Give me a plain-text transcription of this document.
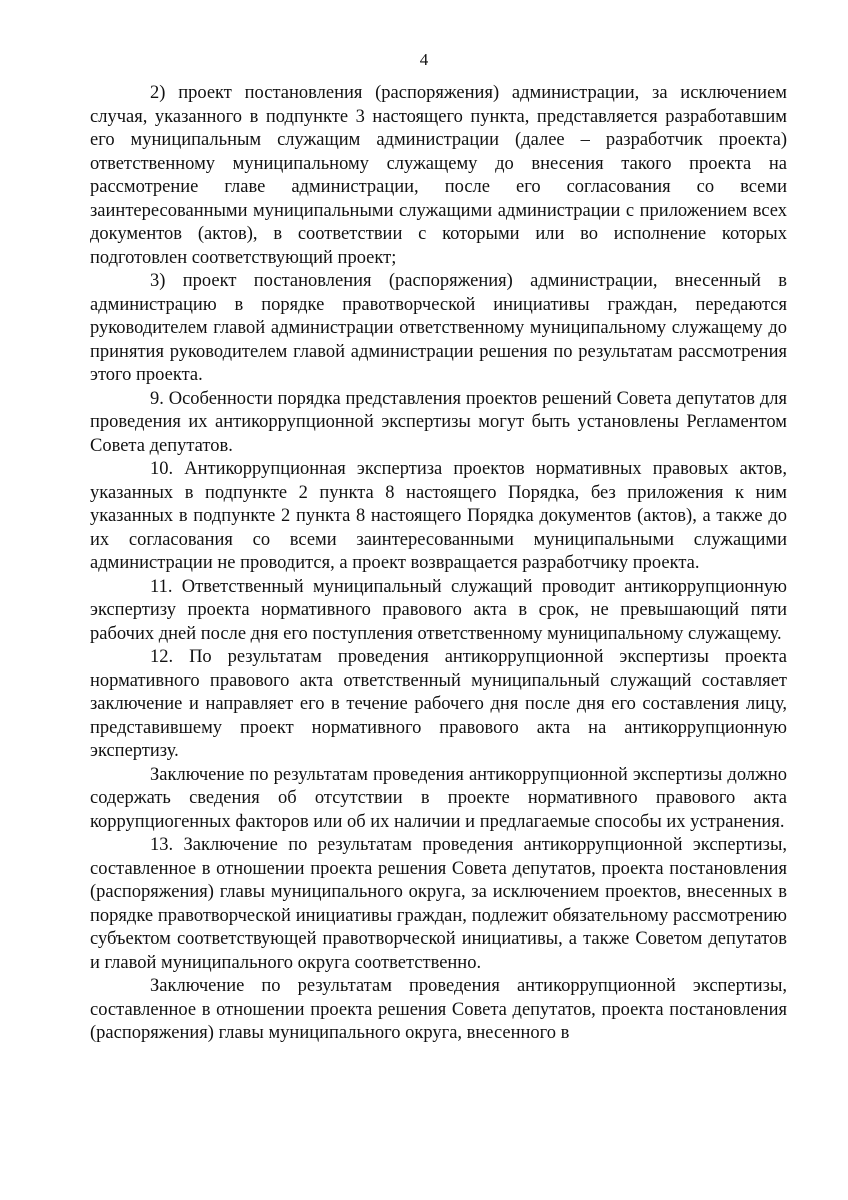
4

2) проект постановления (распоряжения) администрации, за исключением случая, указанного в подпункте 3 настоящего пункта, представляется разработавшим его муниципальным служащим администрации (далее – разработчик проекта) ответственному муниципальному служащему до внесения такого проекта на рассмотрение главе администрации, после его согласования со всеми заинтересованными муниципальными служащими администрации с приложением всех документов (актов), в соответствии с которыми или во исполнение которых подготовлен соответствующий проект;

3) проект постановления (распоряжения) администрации, внесенный в администрацию в порядке правотворческой инициативы граждан, передаются руководителем главой администрации ответственному муниципальному служащему до принятия руководителем главой администрации решения по результатам рассмотрения этого проекта.

9. Особенности порядка представления проектов решений Совета депутатов для проведения их антикоррупционной экспертизы могут быть установлены Регламентом Совета депутатов.

10. Антикоррупционная экспертиза проектов нормативных правовых актов, указанных в подпункте 2 пункта 8 настоящего Порядка, без приложения к ним указанных в подпункте 2 пункта 8 настоящего Порядка документов (актов), а также до их согласования со всеми заинтересованными муниципальными служащими администрации не проводится, а проект возвращается разработчику проекта.

11. Ответственный муниципальный служащий проводит антикоррупционную экспертизу проекта нормативного правового акта в срок, не превышающий пяти рабочих дней после дня его поступления ответственному муниципальному служащему.

12. По результатам проведения антикоррупционной экспертизы проекта нормативного правового акта ответственный муниципальный служащий составляет заключение и направляет его в течение рабочего дня после дня его составления лицу, представившему проект нормативного правового акта на антикоррупционную экспертизу.

Заключение по результатам проведения антикоррупционной экспертизы должно содержать сведения об отсутствии в проекте нормативного правового акта коррупциогенных факторов или об их наличии и предлагаемые способы их устранения.

13. Заключение по результатам проведения антикоррупционной экспертизы, составленное в отношении проекта решения Совета депутатов, проекта постановления (распоряжения) главы муниципального округа, за исключением проектов, внесенных в порядке правотворческой инициативы граждан, подлежит обязательному рассмотрению субъектом соответствующей правотворческой инициативы, а также Советом депутатов и главой муниципального округа соответственно.

Заключение по результатам проведения антикоррупционной экспертизы, составленное в отношении проекта решения Совета депутатов, проекта постановления (распоряжения) главы муниципального округа, внесенного в
